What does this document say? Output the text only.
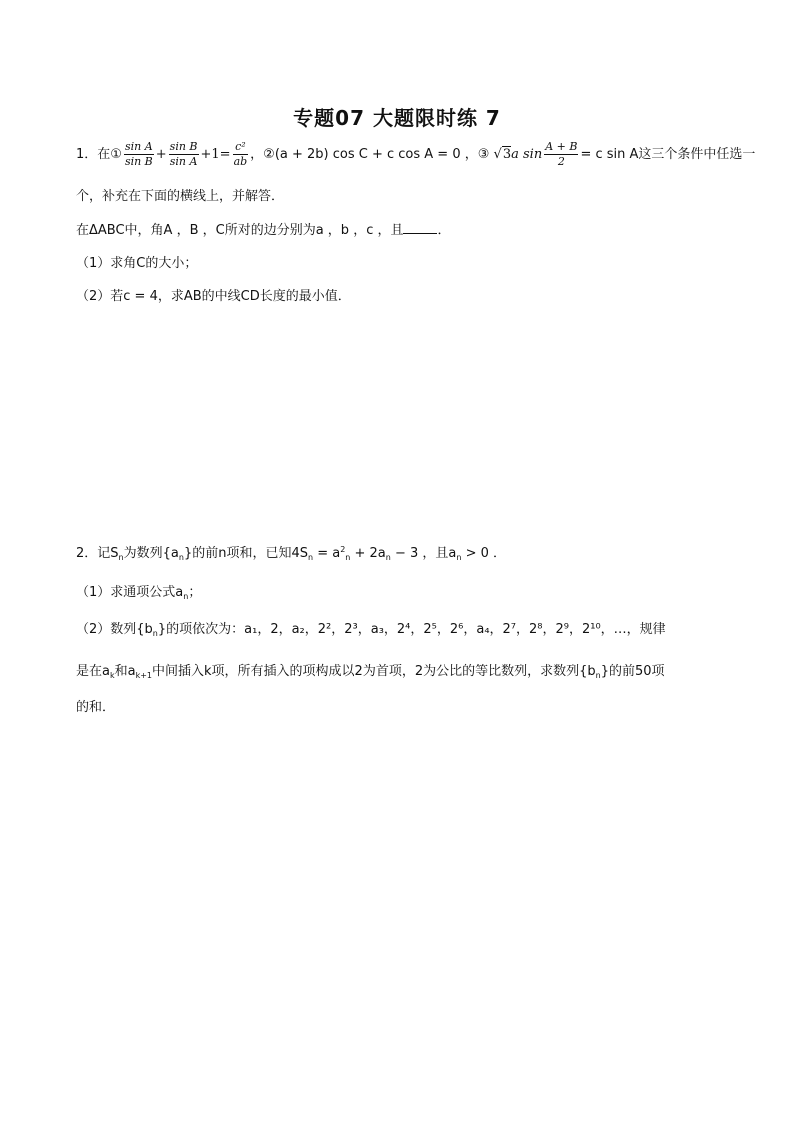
专题07 大题限时练 7
1．在① $\frac{\text{sin A}}{\text{sin B}} + \frac{\text{sin B}}{\text{sin A}} +1= \frac{\text{c²}}{ab}$ ，②(a + 2b) cos C + c cos A = 0 ，③ √3a $\sin \frac{A + B}{2} = c$ sin A这三个条件中任选一
个，补充在下面的横线上，并解答．
在ΔABC中，角A ，B ，C所对的边分别为a ，b ，c ，且	．
（1）求角C的大小；
（2）若c = 4，求AB的中线CD长度的最小值．
2．记$S_n$为数列$\{a_n\}$的前n项和，已知$4S_n = a^2_n + 2a_n - 3$ ，且$a_n > 0$ ．
（1）求通项公式$a_n$；
（2）数列$\{b_n\}$的项依次为：a₁，2，a₂，2²，2³，a₃，2⁴，2⁵，2⁶，a₄，2⁷，2⁸，2⁹，2¹⁰，…，规律
是在$a_k$和$a_{k+1}$中间插入k项，所有插入的项构成以2为首项，2为公比的等比数列，求数列$\{b_n\}$的前50项
的和．
